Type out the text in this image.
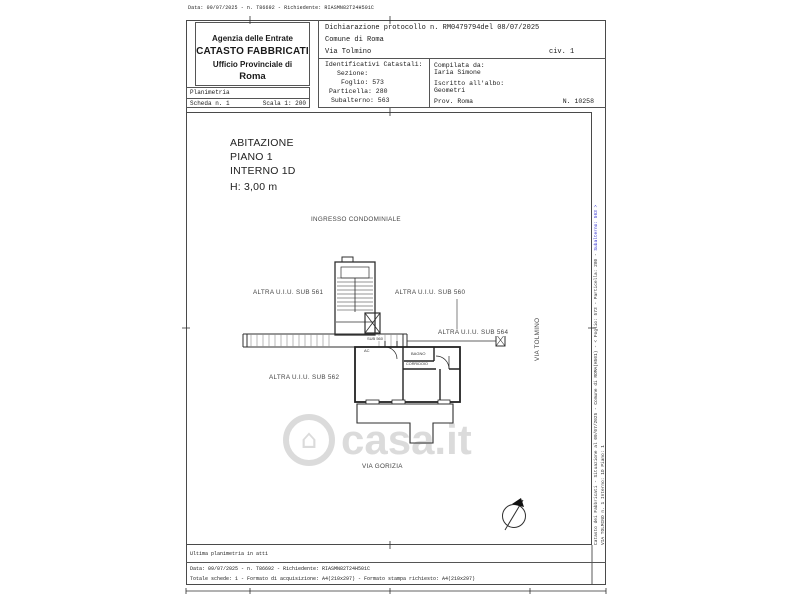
Data: 09/07/2025 - n. T86692 - Richiedente: RIASMN82T24H501C
Agenzia delle Entrate
CATASTO FABBRICATI
Ufficio Provinciale di
Roma
Planimetria
Scheda n. 1	Scala 1: 200
Dichiarazione protocollo n. RM0479794del 08/07/2025
Comune di Roma
Via Tolmino	civ. 1
Identificativi Catastali:
Sezione:
Foglio: 573
Particella: 280
Subalterno: 563
Compilata da:
Iaria Simone
Iscritto all'albo:
Geometri
Prov. Roma	N. 10258
ABITAZIONE
PIANO 1
INTERNO 1D
H: 3,00 m
⌂ casa.it
INGRESSO CONDOMINIALE
ALTRA U.I.U. SUB 561	ALTRA U.I.U. SUB 560
ALTRA U.I.U. SUB 564
ALTRA U.I.U. SUB 562
SUB 560
AC
BAGNO
CORRIDOIO
VIA GORIZIA
VIA TOLMINO	Catasto dei Fabbricati - Situazione al 09/07/2025 - Comune di ROMA(H501) - < Foglio: 573 - Particella: 280 - Subalterno: 563 >
VIA TOLMINO n. 1 Interno: 1D Piano: 1
Ultima planimetria in atti
Data: 09/07/2025 - n. T86692 - Richiedente: RIASMN82T24H501C
Totale schede: 1 - Formato di acquisizione: A4(210x297) - Formato stampa richiesto: A4(210x297)
